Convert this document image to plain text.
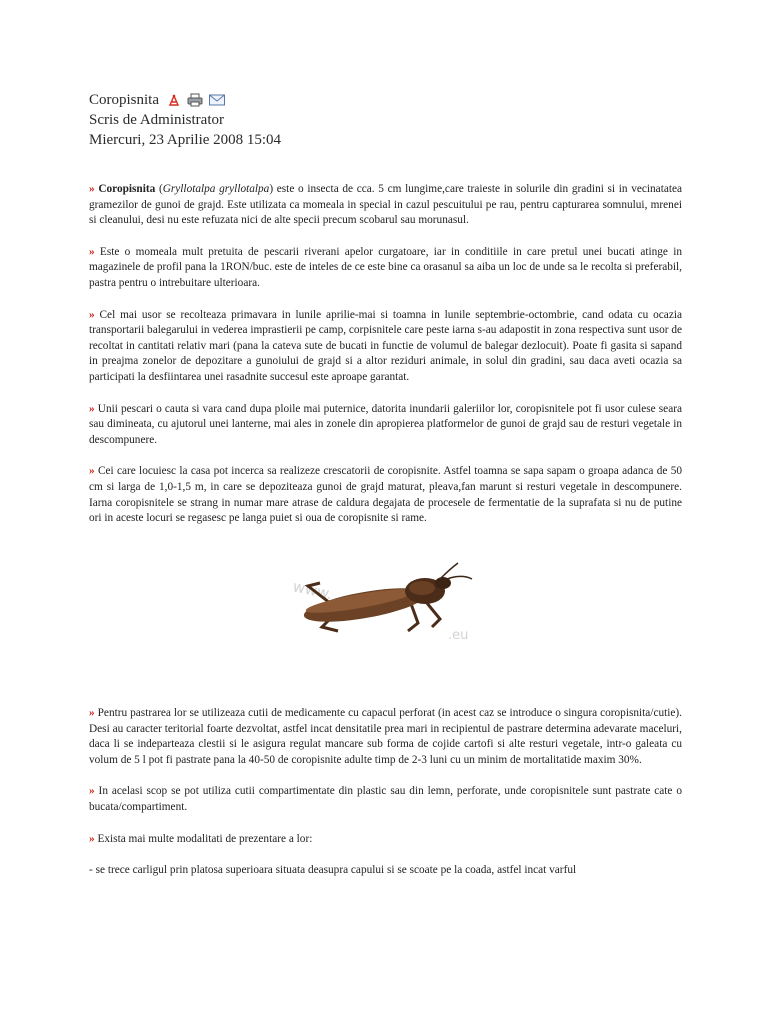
Coropisnita
Scris de Administrator
Miercuri, 23 Aprilie 2008 15:04

» Coropisnita (Gryllotalpa gryllotalpa) este o insecta de cca. 5 cm lungime,care traieste in solurile din gradini si in vecinatatea gramezilor de gunoi de grajd. Este utilizata ca momeala in special in cazul pescuitului pe rau, pentru capturarea somnului, mrenei si cleanului, desi nu este refuzata nici de alte specii precum scobarul sau morunasul.

» Este o momeala mult pretuita de pescarii riverani apelor curgatoare, iar in conditiile in care pretul unei bucati atinge in magazinele de profil pana la 1RON/buc. este de inteles de ce este bine ca orasanul sa aiba un loc de unde sa le recolta si preferabil, pastra pentru o intrebuitare ulterioara.

» Cel mai usor se recolteaza primavara in lunile aprilie-mai si toamna in lunile septembrie-octombrie, cand odata cu ocazia transportarii balegarului in vederea imprastierii pe camp, corpisnitele care peste iarna s-au adapostit in zona respectiva sunt usor de recoltat in cantitati relativ mari (pana la cateva sute de bucati in functie de volumul de balegar dezlocuit). Poate fi gasita si sapand in preajma zonelor de depozitare a gunoiului de grajd si a altor reziduri animale, in solul din gradini, sau daca aveti ocazia sa participati la desfiintarea unei rasadnite succesul este aproape garantat.

» Unii pescari o cauta si vara cand dupa ploile mai puternice, datorita inundarii galeriilor lor, coropisnitele pot fi usor culese seara sau dimineata, cu ajutorul unei lanterne, mai ales in zonele din apropierea platformelor de gunoi de grajd sau de resturi vegetale in descompunere.

» Cei care locuiesc la casa pot incerca sa realizeze crescatorii de coropisnite. Astfel toamna se sapa sapam o groapa adanca de 50 cm si larga de 1,0-1,5 m, in care se depoziteaza gunoi de grajd maturat, pleava,fan marunt si resturi vegetale in descompunere. Iarna coropisnitele se strang in numar mare atrase de caldura degajata de procesele de fermentatie de la suprafata si nu de putine ori in aceste locuri se regasesc pe langa puiet si oua de coropisnite si rame.

www.
.eu

» Pentru pastrarea lor se utilizeaza cutii de medicamente cu capacul perforat (in acest caz se introduce o singura coropisnita/cutie). Desi au caracter teritorial foarte dezvoltat, astfel incat densitatile prea mari in recipientul de pastrare determina adevarate maceluri, daca li se indeparteaza clestii si le asigura regulat mancare sub forma de cojide cartofi si alte resturi vegetale, intr-o galeata cu volum de 5 l pot fi pastrate pana la 40-50 de coropisnite adulte timp de 2-3 luni cu un minim de mortalitatide maxim 30%.

» In acelasi scop se pot utiliza cutii compartimentate din plastic sau din lemn, perforate, unde coropisnitele sunt pastrate cate o bucata/compartiment.

» Exista mai multe modalitati de prezentare a lor:

- se trece carligul prin platosa superioara situata deasupra capului si se scoate pe la coada, astfel incat varful
